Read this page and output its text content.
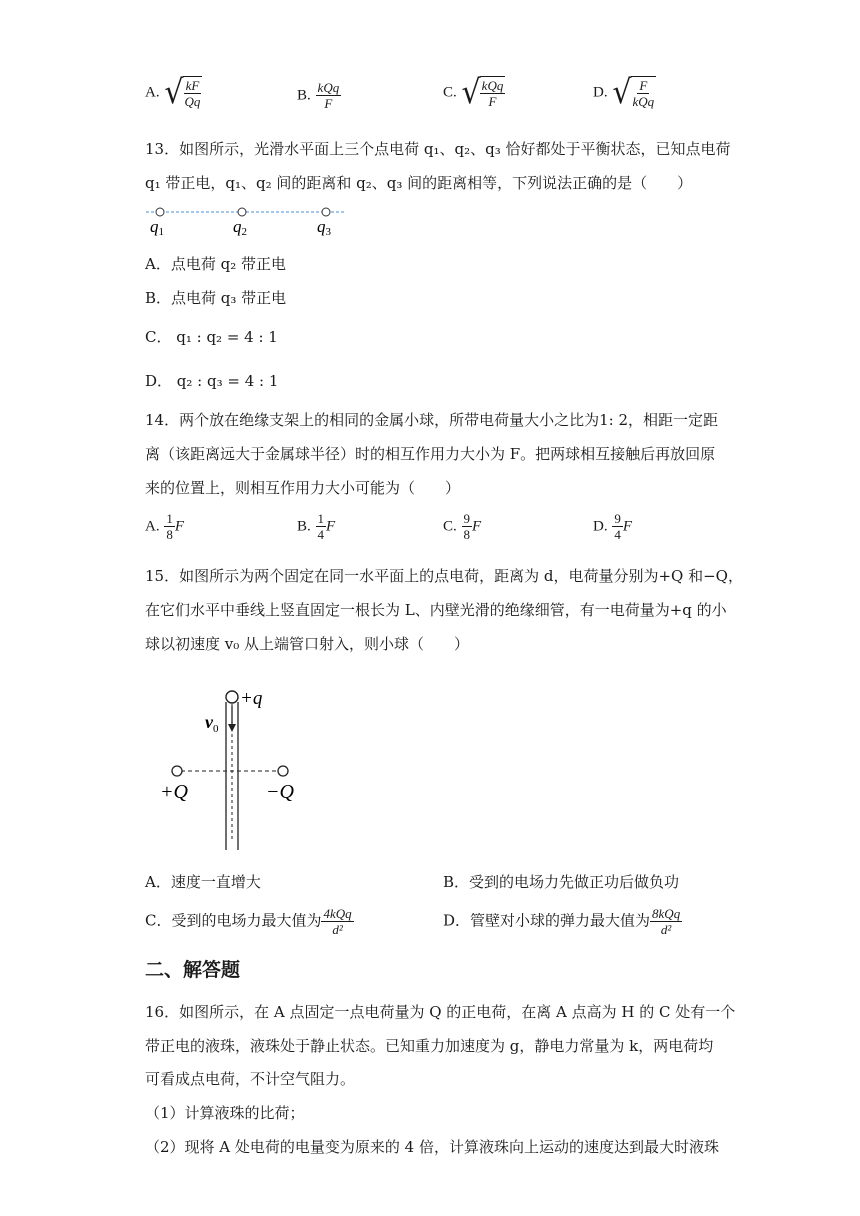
A. √ $\frac{kF}{Qq}$	B. $\frac{\text{kQq}}{F}$	C. √ $\frac{\text{kQq}}{F}$	D. √ $\frac{F}{\text{kQq}}$
13．如图所示，光滑水平面上三个点电荷 q₁、q₂、q₃ 恰好都处于平衡状态，已知点电荷
q₁ 带正电，q₁、q₂ 间的距离和 q₂、q₃ 间的距离相等，下列说法正确的是（　　）
q1	q2	q3
A．点电荷 q₂ 带正电
B．点电荷 q₃ 带正电
C． q₁ : q₂ = 4 : 1
D． q₂ : q₃ = 4 : 1
14．两个放在绝缘支架上的相同的金属小球，所带电荷量大小之比为1: 2，相距一定距
离（该距离远大于金属球半径）时的相互作用力大小为 F。把两球相互接触后再放回原
来的位置上，则相互作用力大小可能为（　　）
A. $\frac{1}{8}$ F	B. $\frac{1}{4}$ F	C. $\frac{9}{8}$ F	D. $\frac{9}{4}$ F
15．如图所示为两个固定在同一水平面上的点电荷，距离为 d，电荷量分别为+Q 和−Q，
在它们水平中垂线上竖直固定一根长为 L、内壁光滑的绝缘细管，有一电荷量为+q 的小
球以初速度 v₀ 从上端管口射入，则小球（　　）
+q
$v_0$
+Q	−Q
A．速度一直增大	B．受到的电场力先做正功后做负功
C．受到的电场力最大值为 $\frac{\text{4kQq}}{\text{d²}}$	D．管壁对小球的弹力最大值为 $\frac{\text{8kQq}}{\text{d²}}$
二、解答题
16．如图所示，在 A 点固定一点电荷量为 Q 的正电荷，在离 A 点高为 H 的 C 处有一个
带正电的液珠，液珠处于静止状态。已知重力加速度为 g，静电力常量为 k，两电荷均
可看成点电荷，不计空气阻力。
（1）计算液珠的比荷；
（2）现将 A 处电荷的电量变为原来的 4 倍，计算液珠向上运动的速度达到最大时液珠
